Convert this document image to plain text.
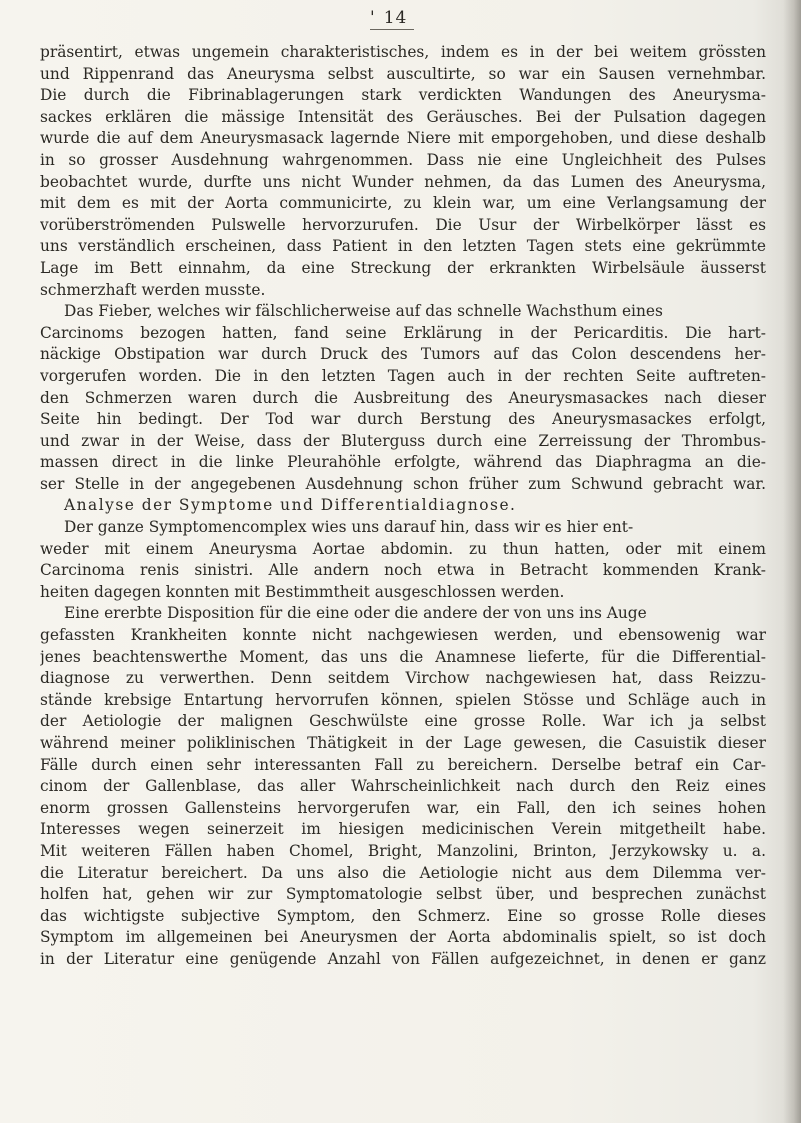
' 14
präsentirt, etwas ungemein charakteristisches, indem es in der bei weitem grössten
und Rippenrand das Aneurysma selbst auscultirte, so war ein Sausen vernehmbar.
Die durch die Fibrinablagerungen stark verdickten Wandungen des Aneurysma-
sackes erklären die mässige Intensität des Geräusches. Bei der Pulsation dagegen
wurde die auf dem Aneurysmasack lagernde Niere mit emporgehoben, und diese deshalb
in so grosser Ausdehnung wahrgenommen. Dass nie eine Ungleichheit des Pulses
beobachtet wurde, durfte uns nicht Wunder nehmen, da das Lumen des Aneurysma,
mit dem es mit der Aorta communicirte, zu klein war, um eine Verlangsamung der
vorüberströmenden Pulswelle hervorzurufen. Die Usur der Wirbelkörper lässt es
uns verständlich erscheinen, dass Patient in den letzten Tagen stets eine gekrümmte
Lage im Bett einnahm, da eine Streckung der erkrankten Wirbelsäule äusserst
schmerzhaft werden musste.
Das Fieber, welches wir fälschlicherweise auf das schnelle Wachsthum eines
Carcinoms bezogen hatten, fand seine Erklärung in der Pericarditis. Die hart-
näckige Obstipation war durch Druck des Tumors auf das Colon descendens her-
vorgerufen worden. Die in den letzten Tagen auch in der rechten Seite auftreten-
den Schmerzen waren durch die Ausbreitung des Aneurysmasackes nach dieser
Seite hin bedingt. Der Tod war durch Berstung des Aneurysmasackes erfolgt,
und zwar in der Weise, dass der Bluterguss durch eine Zerreissung der Thrombus-
massen direct in die linke Pleurahöhle erfolgte, während das Diaphragma an die-
ser Stelle in der angegebenen Ausdehnung schon früher zum Schwund gebracht war.
Analyse der Symptome und Differentialdiagnose.
Der ganze Symptomencomplex wies uns darauf hin, dass wir es hier ent-
weder mit einem Aneurysma Aortae abdomin. zu thun hatten, oder mit einem
Carcinoma renis sinistri. Alle andern noch etwa in Betracht kommenden Krank-
heiten dagegen konnten mit Bestimmtheit ausgeschlossen werden.
Eine ererbte Disposition für die eine oder die andere der von uns ins Auge
gefassten Krankheiten konnte nicht nachgewiesen werden, und ebensowenig war
jenes beachtenswerthe Moment, das uns die Anamnese lieferte, für die Differential-
diagnose zu verwerthen. Denn seitdem Virchow nachgewiesen hat, dass Reizzu-
stände krebsige Entartung hervorrufen können, spielen Stösse und Schläge auch in
der Aetiologie der malignen Geschwülste eine grosse Rolle. War ich ja selbst
während meiner poliklinischen Thätigkeit in der Lage gewesen, die Casuistik dieser
Fälle durch einen sehr interessanten Fall zu bereichern. Derselbe betraf ein Car-
cinom der Gallenblase, das aller Wahrscheinlichkeit nach durch den Reiz eines
enorm grossen Gallensteins hervorgerufen war, ein Fall, den ich seines hohen
Interesses wegen seinerzeit im hiesigen medicinischen Verein mitgetheilt habe.
Mit weiteren Fällen haben Chomel, Bright, Manzolini, Brinton, Jerzykowsky u. a.
die Literatur bereichert. Da uns also die Aetiologie nicht aus dem Dilemma ver-
holfen hat, gehen wir zur Symptomatologie selbst über, und besprechen zunächst
das wichtigste subjective Symptom, den Schmerz. Eine so grosse Rolle dieses
Symptom im allgemeinen bei Aneurysmen der Aorta abdominalis spielt, so ist doch
in der Literatur eine genügende Anzahl von Fällen aufgezeichnet, in denen er ganz
